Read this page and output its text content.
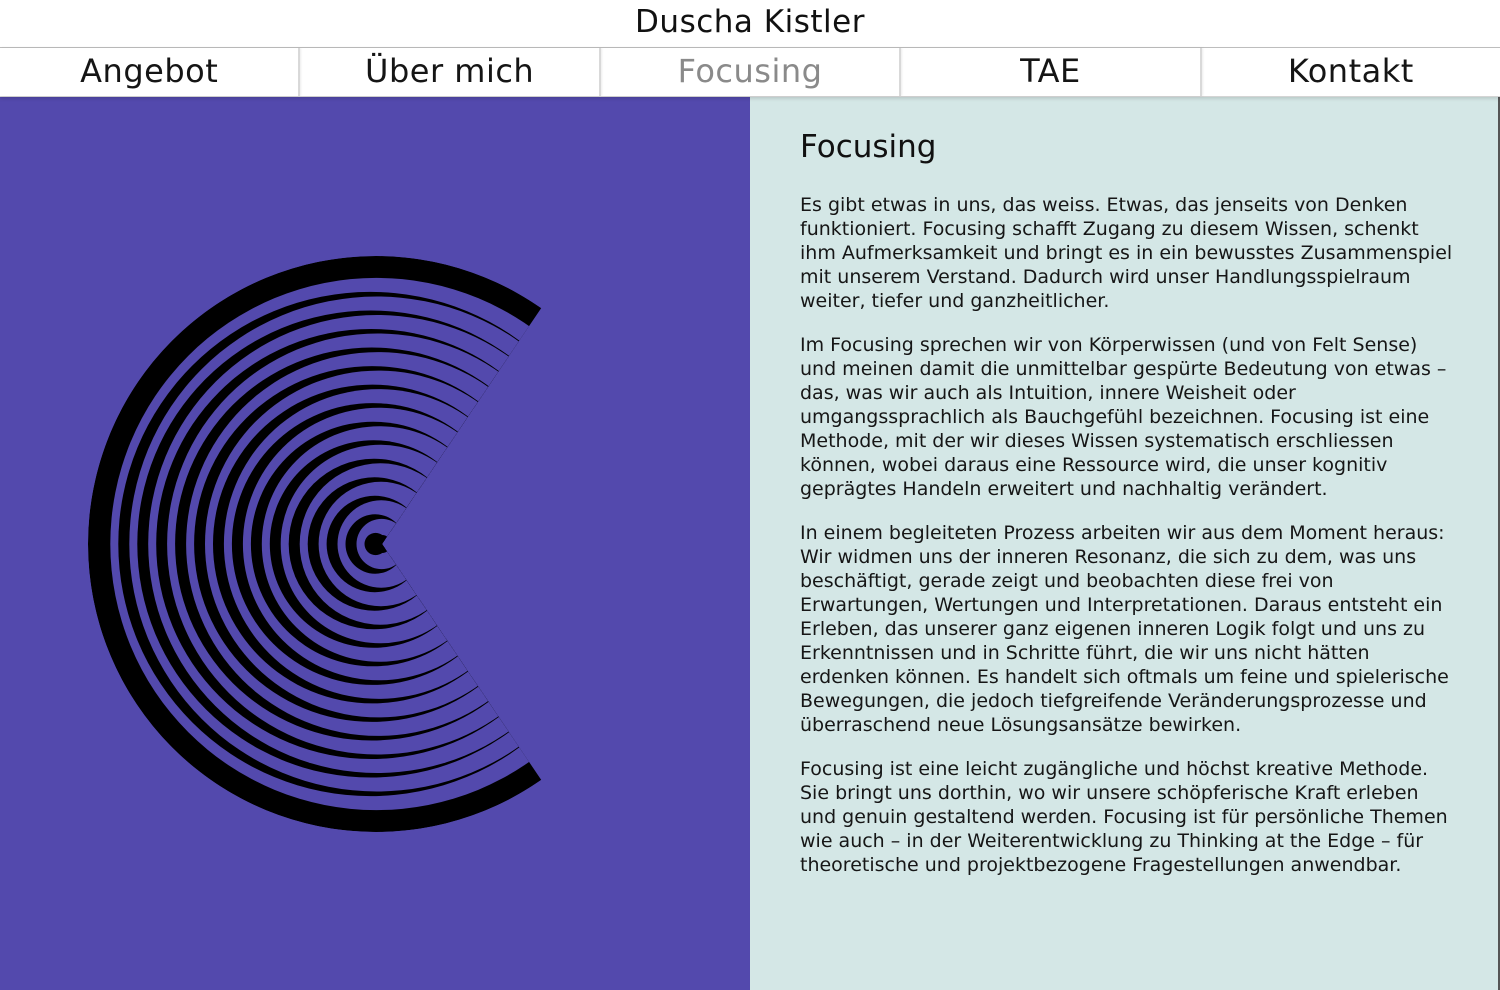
Duscha Kistler
Angebot	Über mich	Focusing	TAE	Kontakt
Focusing

Es gibt etwas in uns, das weiss. Etwas, das jenseits von Denken funktioniert. Focusing schafft Zugang zu diesem Wissen, schenkt ihm Aufmerksamkeit und bringt es in ein bewusstes Zusammenspiel mit unserem Verstand. Dadurch wird unser Handlungsspielraum weiter, tiefer und ganzheitlicher.

Im Focusing sprechen wir von Körperwissen (und von Felt Sense) und meinen damit die unmittelbar gespürte Bedeutung von etwas – das, was wir auch als Intuition, innere Weisheit oder umgangssprachlich als Bauchgefühl bezeichnen. Focusing ist eine Methode, mit der wir dieses Wissen systematisch erschliessen können, wobei daraus eine Ressource wird, die unser kognitiv geprägtes Handeln erweitert und nachhaltig verändert.

In einem begleiteten Prozess arbeiten wir aus dem Moment heraus: Wir widmen uns der inneren Resonanz, die sich zu dem, was uns beschäftigt, gerade zeigt und beobachten diese frei von Erwartungen, Wertungen und Interpretationen. Daraus entsteht ein Erleben, das unserer ganz eigenen inneren Logik folgt und uns zu Erkenntnissen und in Schritte führt, die wir uns nicht hätten erdenken können. Es handelt sich oftmals um feine und spielerische Bewegungen, die jedoch tiefgreifende Veränderungsprozesse und überraschend neue Lösungsansätze bewirken.

Focusing ist eine leicht zugängliche und höchst kreative Methode. Sie bringt uns dorthin, wo wir unsere schöpferische Kraft erleben und genuin gestaltend werden. Focusing ist für persönliche Themen wie auch – in der Weiterentwicklung zu Thinking at the Edge – für theoretische und projektbezogene Fragestellungen anwendbar.
